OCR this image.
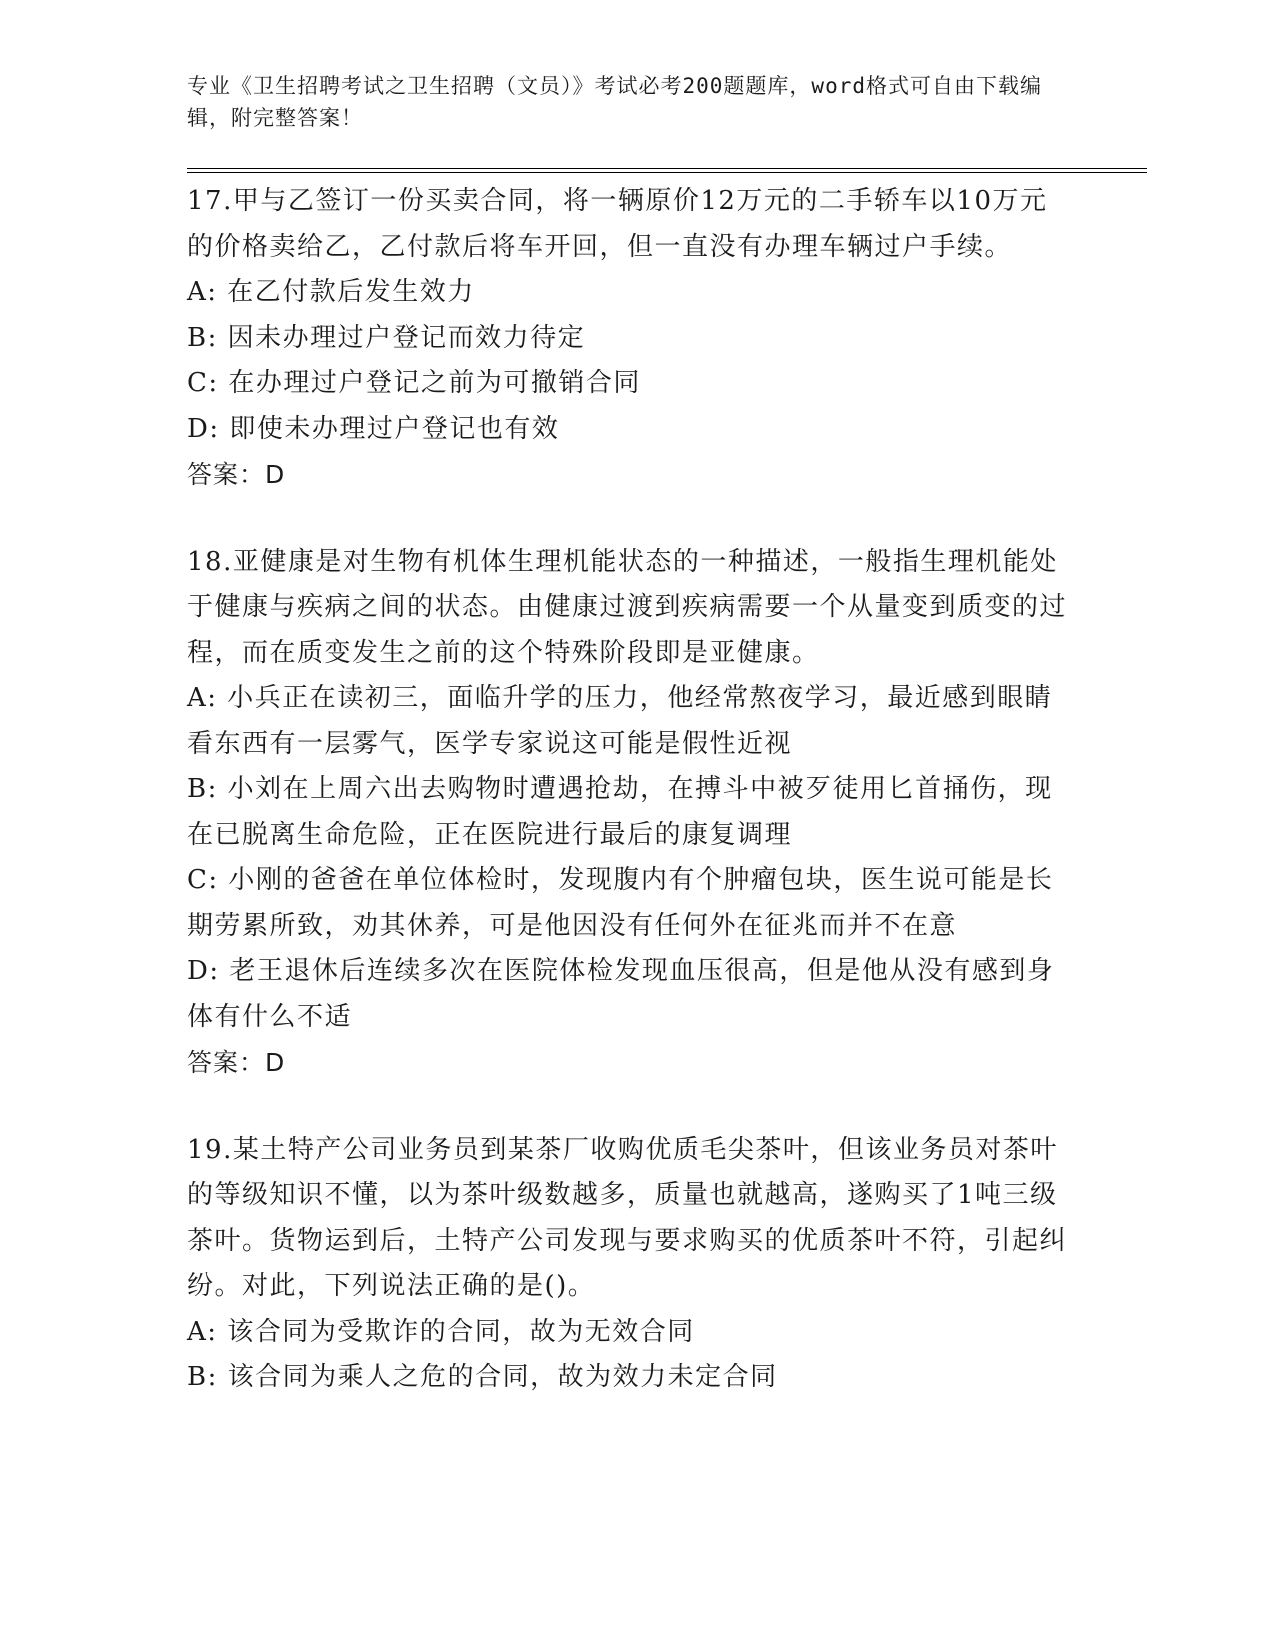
专业《卫生招聘考试之卫生招聘（文员）》考试必考200题题库，word格式可自由下载编辑，附完整答案！

17.甲与乙签订一份买卖合同，将一辆原价12万元的二手轿车以10万元的价格卖给乙，乙付款后将车开回，但一直没有办理车辆过户手续。

A: 在乙付款后发生效力

B: 因未办理过户登记而效力待定

C: 在办理过户登记之前为可撤销合同

D: 即使未办理过户登记也有效

答案：D

18.亚健康是对生物有机体生理机能状态的一种描述，一般指生理机能处于健康与疾病之间的状态。由健康过渡到疾病需要一个从量变到质变的过程，而在质变发生之前的这个特殊阶段即是亚健康。

A: 小兵正在读初三，面临升学的压力，他经常熬夜学习，最近感到眼睛看东西有一层雾气，医学专家说这可能是假性近视

B: 小刘在上周六出去购物时遭遇抢劫，在搏斗中被歹徒用匕首捅伤，现在已脱离生命危险，正在医院进行最后的康复调理

C: 小刚的爸爸在单位体检时，发现腹内有个肿瘤包块，医生说可能是长期劳累所致，劝其休养，可是他因没有任何外在征兆而并不在意

D: 老王退休后连续多次在医院体检发现血压很高，但是他从没有感到身体有什么不适

答案：D

19.某土特产公司业务员到某茶厂收购优质毛尖茶叶，但该业务员对茶叶的等级知识不懂，以为茶叶级数越多，质量也就越高，遂购买了1吨三级茶叶。货物运到后，土特产公司发现与要求购买的优质茶叶不符，引起纠纷。对此，下列说法正确的是()。

A: 该合同为受欺诈的合同，故为无效合同

B: 该合同为乘人之危的合同，故为效力未定合同
